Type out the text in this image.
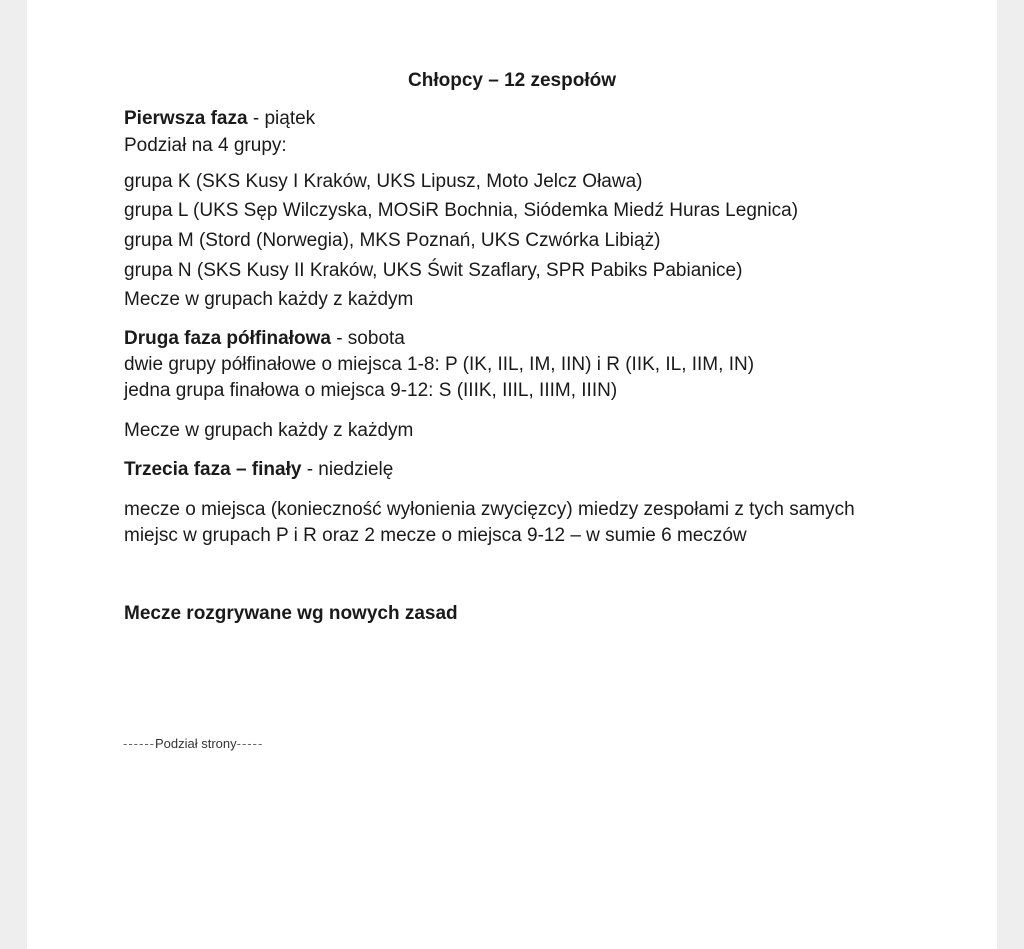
Chłopcy – 12 zespołów
Pierwsza faza - piątek
Podział na 4 grupy:
grupa K (SKS Kusy I Kraków, UKS Lipusz, Moto Jelcz Oława)
grupa L (UKS Sęp Wilczyska, MOSiR Bochnia, Siódemka Miedź Huras Legnica)
grupa M (Stord (Norwegia), MKS Poznań, UKS Czwórka Libiąż)
grupa N (SKS Kusy II Kraków, UKS Świt Szaflary, SPR Pabiks Pabianice)
Mecze w grupach każdy z każdym
Druga faza półfinałowa - sobota
dwie grupy półfinałowe o miejsca 1-8: P (IK, IIL, IM, IIN) i R (IIK, IL, IIM, IN)
jedna grupa finałowa o miejsca 9-12: S (IIIK, IIIL, IIIM, IIIN)
Mecze w grupach każdy z każdym
Trzecia faza – finały - niedzielę
mecze o miejsca (konieczność wyłonienia zwycięzcy) miedzy zespołami z tych samych
miejsc w grupach P i R oraz 2 mecze o miejsca 9-12 – w sumie 6 meczów
Mecze rozgrywane wg nowych zasad
------Podział strony-----
